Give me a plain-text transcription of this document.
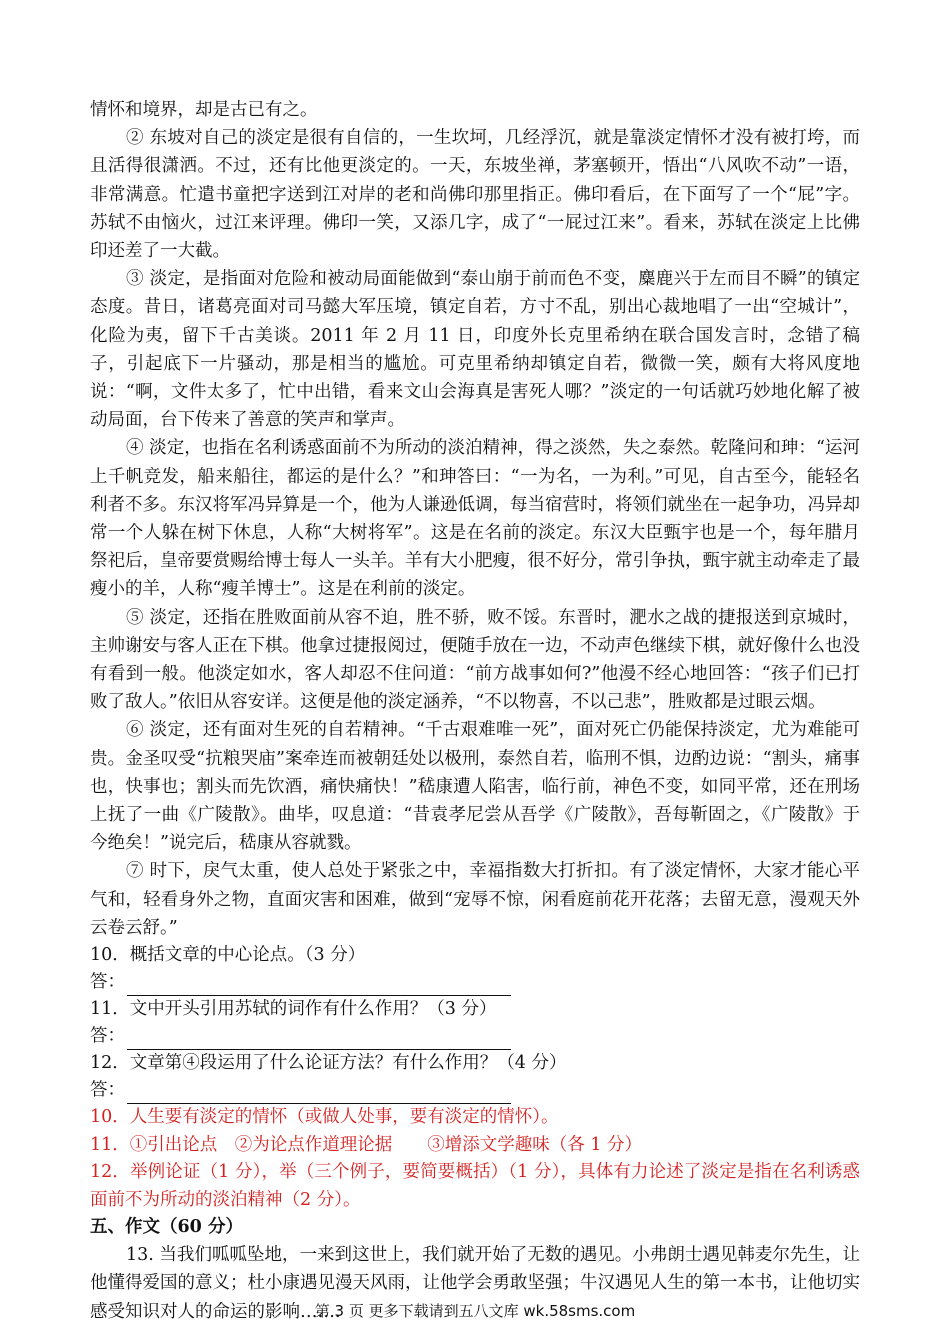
情怀和境界，却是古已有之。

② 东坡对自己的淡定是很有自信的，一生坎坷，几经浮沉，就是靠淡定情怀才没有被打垮，而且活得很潇洒。不过，还有比他更淡定的。一天，东坡坐禅，茅塞顿开，悟出“八风吹不动”一语，非常满意。忙遣书童把字送到江对岸的老和尚佛印那里指正。佛印看后，在下面写了一个“屁”字。苏轼不由恼火，过江来评理。佛印一笑，又添几字，成了“一屁过江来”。看来，苏轼在淡定上比佛印还差了一大截。

③ 淡定，是指面对危险和被动局面能做到“泰山崩于前而色不变，麋鹿兴于左而目不瞬”的镇定态度。昔日，诸葛亮面对司马懿大军压境，镇定自若，方寸不乱，别出心裁地唱了一出“空城计”，化险为夷，留下千古美谈。2011 年 2 月 11 日，印度外长克里希纳在联合国发言时，念错了稿子，引起底下一片骚动，那是相当的尴尬。可克里希纳却镇定自若，微微一笑，颇有大将风度地说：“啊，文件太多了，忙中出错，看来文山会海真是害死人哪？”淡定的一句话就巧妙地化解了被动局面，台下传来了善意的笑声和掌声。

④ 淡定，也指在名利诱惑面前不为所动的淡泊精神，得之淡然，失之泰然。乾隆问和珅：“运河上千帆竞发，船来船往，都运的是什么？”和珅答曰：“一为名，一为利。”可见，自古至今，能轻名利者不多。东汉将军冯异算是一个，他为人谦逊低调，每当宿营时，将领们就坐在一起争功，冯异却常一个人躲在树下休息，人称“大树将军”。这是在名前的淡定。东汉大臣甄宇也是一个，每年腊月祭祀后，皇帝要赏赐给博士每人一头羊。羊有大小肥瘦，很不好分，常引争执，甄宇就主动牵走了最瘦小的羊，人称“瘦羊博士”。这是在利前的淡定。

⑤ 淡定，还指在胜败面前从容不迫，胜不骄，败不馁。东晋时，淝水之战的捷报送到京城时，主帅谢安与客人正在下棋。他拿过捷报阅过，便随手放在一边，不动声色继续下棋，就好像什么也没有看到一般。他淡定如水，客人却忍不住问道：“前方战事如何?”他漫不经心地回答：“孩子们已打败了敌人。”依旧从容安详。这便是他的淡定涵养，“不以物喜，不以己悲”，胜败都是过眼云烟。

⑥ 淡定，还有面对生死的自若精神。“千古艰难唯一死”，面对死亡仍能保持淡定，尤为难能可贵。金圣叹受“抗粮哭庙”案牵连而被朝廷处以极刑，泰然自若，临刑不惧，边酌边说：“割头，痛事也，快事也；割头而先饮酒，痛快痛快！”嵇康遭人陷害，临行前，神色不变，如同平常，还在刑场上抚了一曲《广陵散》。曲毕，叹息道：“昔袁孝尼尝从吾学《广陵散》，吾每靳固之，《广陵散》于今绝矣！”说完后，嵇康从容就戮。

⑦ 时下，戾气太重，使人总处于紧张之中，幸福指数大打折扣。有了淡定情怀，大家才能心平气和，轻看身外之物，直面灾害和困难，做到“宠辱不惊，闲看庭前花开花落；去留无意，漫观天外云卷云舒。”

10．概括文章的中心论点。（3 分）

答：

11．文中开头引用苏轼的词作有什么作用？（3 分）

答：

12．文章第④段运用了什么论证方法？有什么作用？（4 分）

答：

10．人生要有淡定的情怀（或做人处事，要有淡定的情怀）。

11．①引出论点　②为论点作道理论据　　③增添文学趣味（各 1 分）

12．举例论证（1 分），举（三个例子，要简要概括）（1 分），具体有力论述了淡定是指在名利诱惑面前不为所动的淡泊精神（2 分）。

五、作文（60 分）

13. 当我们呱呱坠地，一来到这世上，我们就开始了无数的遇见。小弗朗士遇见韩麦尔先生，让他懂得爱国的意义；杜小康遇见漫天风雨，让他学会勇敢坚强；牛汉遇见人生的第一本书，让他切实感受知识对人的命运的影响…….

第 3 页 更多下载请到五八文库 wk.58sms.com
